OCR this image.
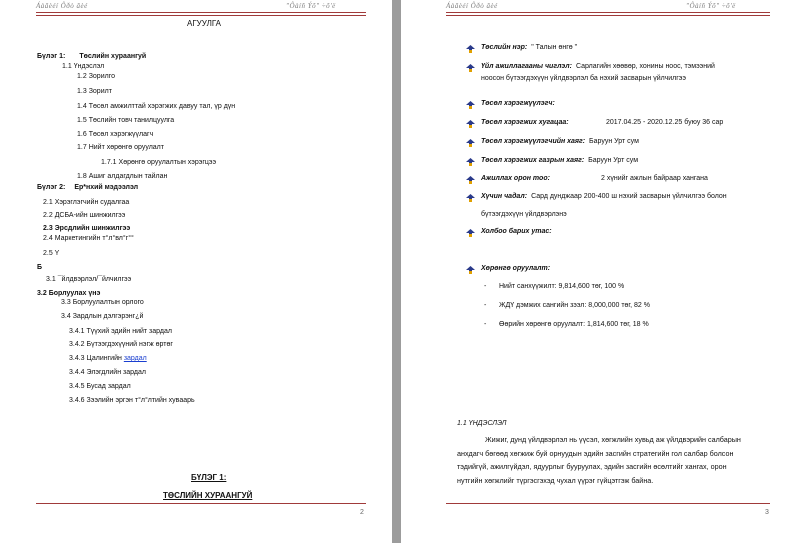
Áàãèéí Ôðò ãèé	"Ôàíñ Ýõ" ÷õ'ë
АГУУЛГА
Бүлэг 1: Төслийн хураангуй
1.1 Үндэслэл
1.2 Зорилго
1.3 Зорилт
1.4 Төсөл амжилттай хэрэгжих давуу тал, үр дүн
1.5 Төслийн товч танилцуулга
1.6 Төсөл хэрэгжүүлагч
1.7 Нийт хөрөнгө оруулалт
1.7.1 Хөрөнгө оруулалтын хэрэгцээ
1.8 Ашиг алдагдлын тайлан
Бүлэг 2: Ер*нхий мэдээлэл
2.1 Хэрэглэгчийн судалгаа
2.2 ДСБА-ийн шинжилгээ
2.3 Эрсдлийн шинжилгээ
2.4 Маркетингийн т°л°вл°г°°
2.5 Y
Б
3.1 ¯йлдвэрлэл/¯йлчилгээ
3.2 Борлуулах үнэ
3.3 Борлуулалтын орлого
3.4 Зардлын дэлгэрэнг¿й
3.4.1 Түүхий эдийн нийт зардал
3.4.2 Бүтээгдэхүүний нэгж өртөг
3.4.3 Цалингийн зардал
3.4.4 Элэгдлийн зардал
3.4.5 Бусад зардал
3.4.6 Зээлийн эргэн т°л°лтийн хуваарь
БҮЛЭГ 1:
ТӨСЛИЙН ХУРААНГУЙ
2
Áàãèéí Ôðò ãèé	"Ôàíñ Ýõ" ÷õ'ë
Төслийн нэр: " Талын өнгө "
Үйл ажиллагааны чиглэл: Сарлагийн хөөвөр, хонины ноос, тэмээний
ноосон бүтээгдэхүүн үйлдвэрлэл ба нэхий засварын үйлчилгээ
Төсөл хэрэгжүүлэгч:
Төсөл хэрэгжих хугацаа:	2017.04.25 - 2020.12.25 буюу 36 сар
Төсөл хэрэгжүүлэгчийн хаяг: Баруун Урт сум
Төсөл хэрэгжих газрын хаяг: Баруун Урт сум
Ажиллах орон тоо:	2 хүнийг ажлын байраар хангана
Хүчин чадал: Сард дунджаар 200-400 ш нэхий засварын үйлчилгээ болон
бүтээгдэхүүн үйлдвэрлэнэ
Холбоо барих утас:
Хөрөнгө оруулалт:
- Нийт санхүүжилт: 9,814,600 төг, 100 %
- ЖДҮ дэмжих сангийн зээл: 8,000,000 төг, 82 %
- Өөрийн хөрөнгө оруулалт: 1,814,600 төг, 18 %
1.1 ҮНДЭСЛЭЛ
Жижиг, дунд үйлдвэрлэл нь үүсэл, хөгжлийн хувьд аж үйлдвэрийн салбарын
анхдагч бөгөөд хөгжиж буй орнуудын эдийн засгийн стратегийн гол салбар болсон
тэдийгүй, ажилгүйдэл, ядуурлыг бууруулах, эдийн засгийн өсөлтийг хангах, орон
нутгийн хөгжлийг түргэсгэхэд чухал үүрэг гүйцэтгэж байна.
3
